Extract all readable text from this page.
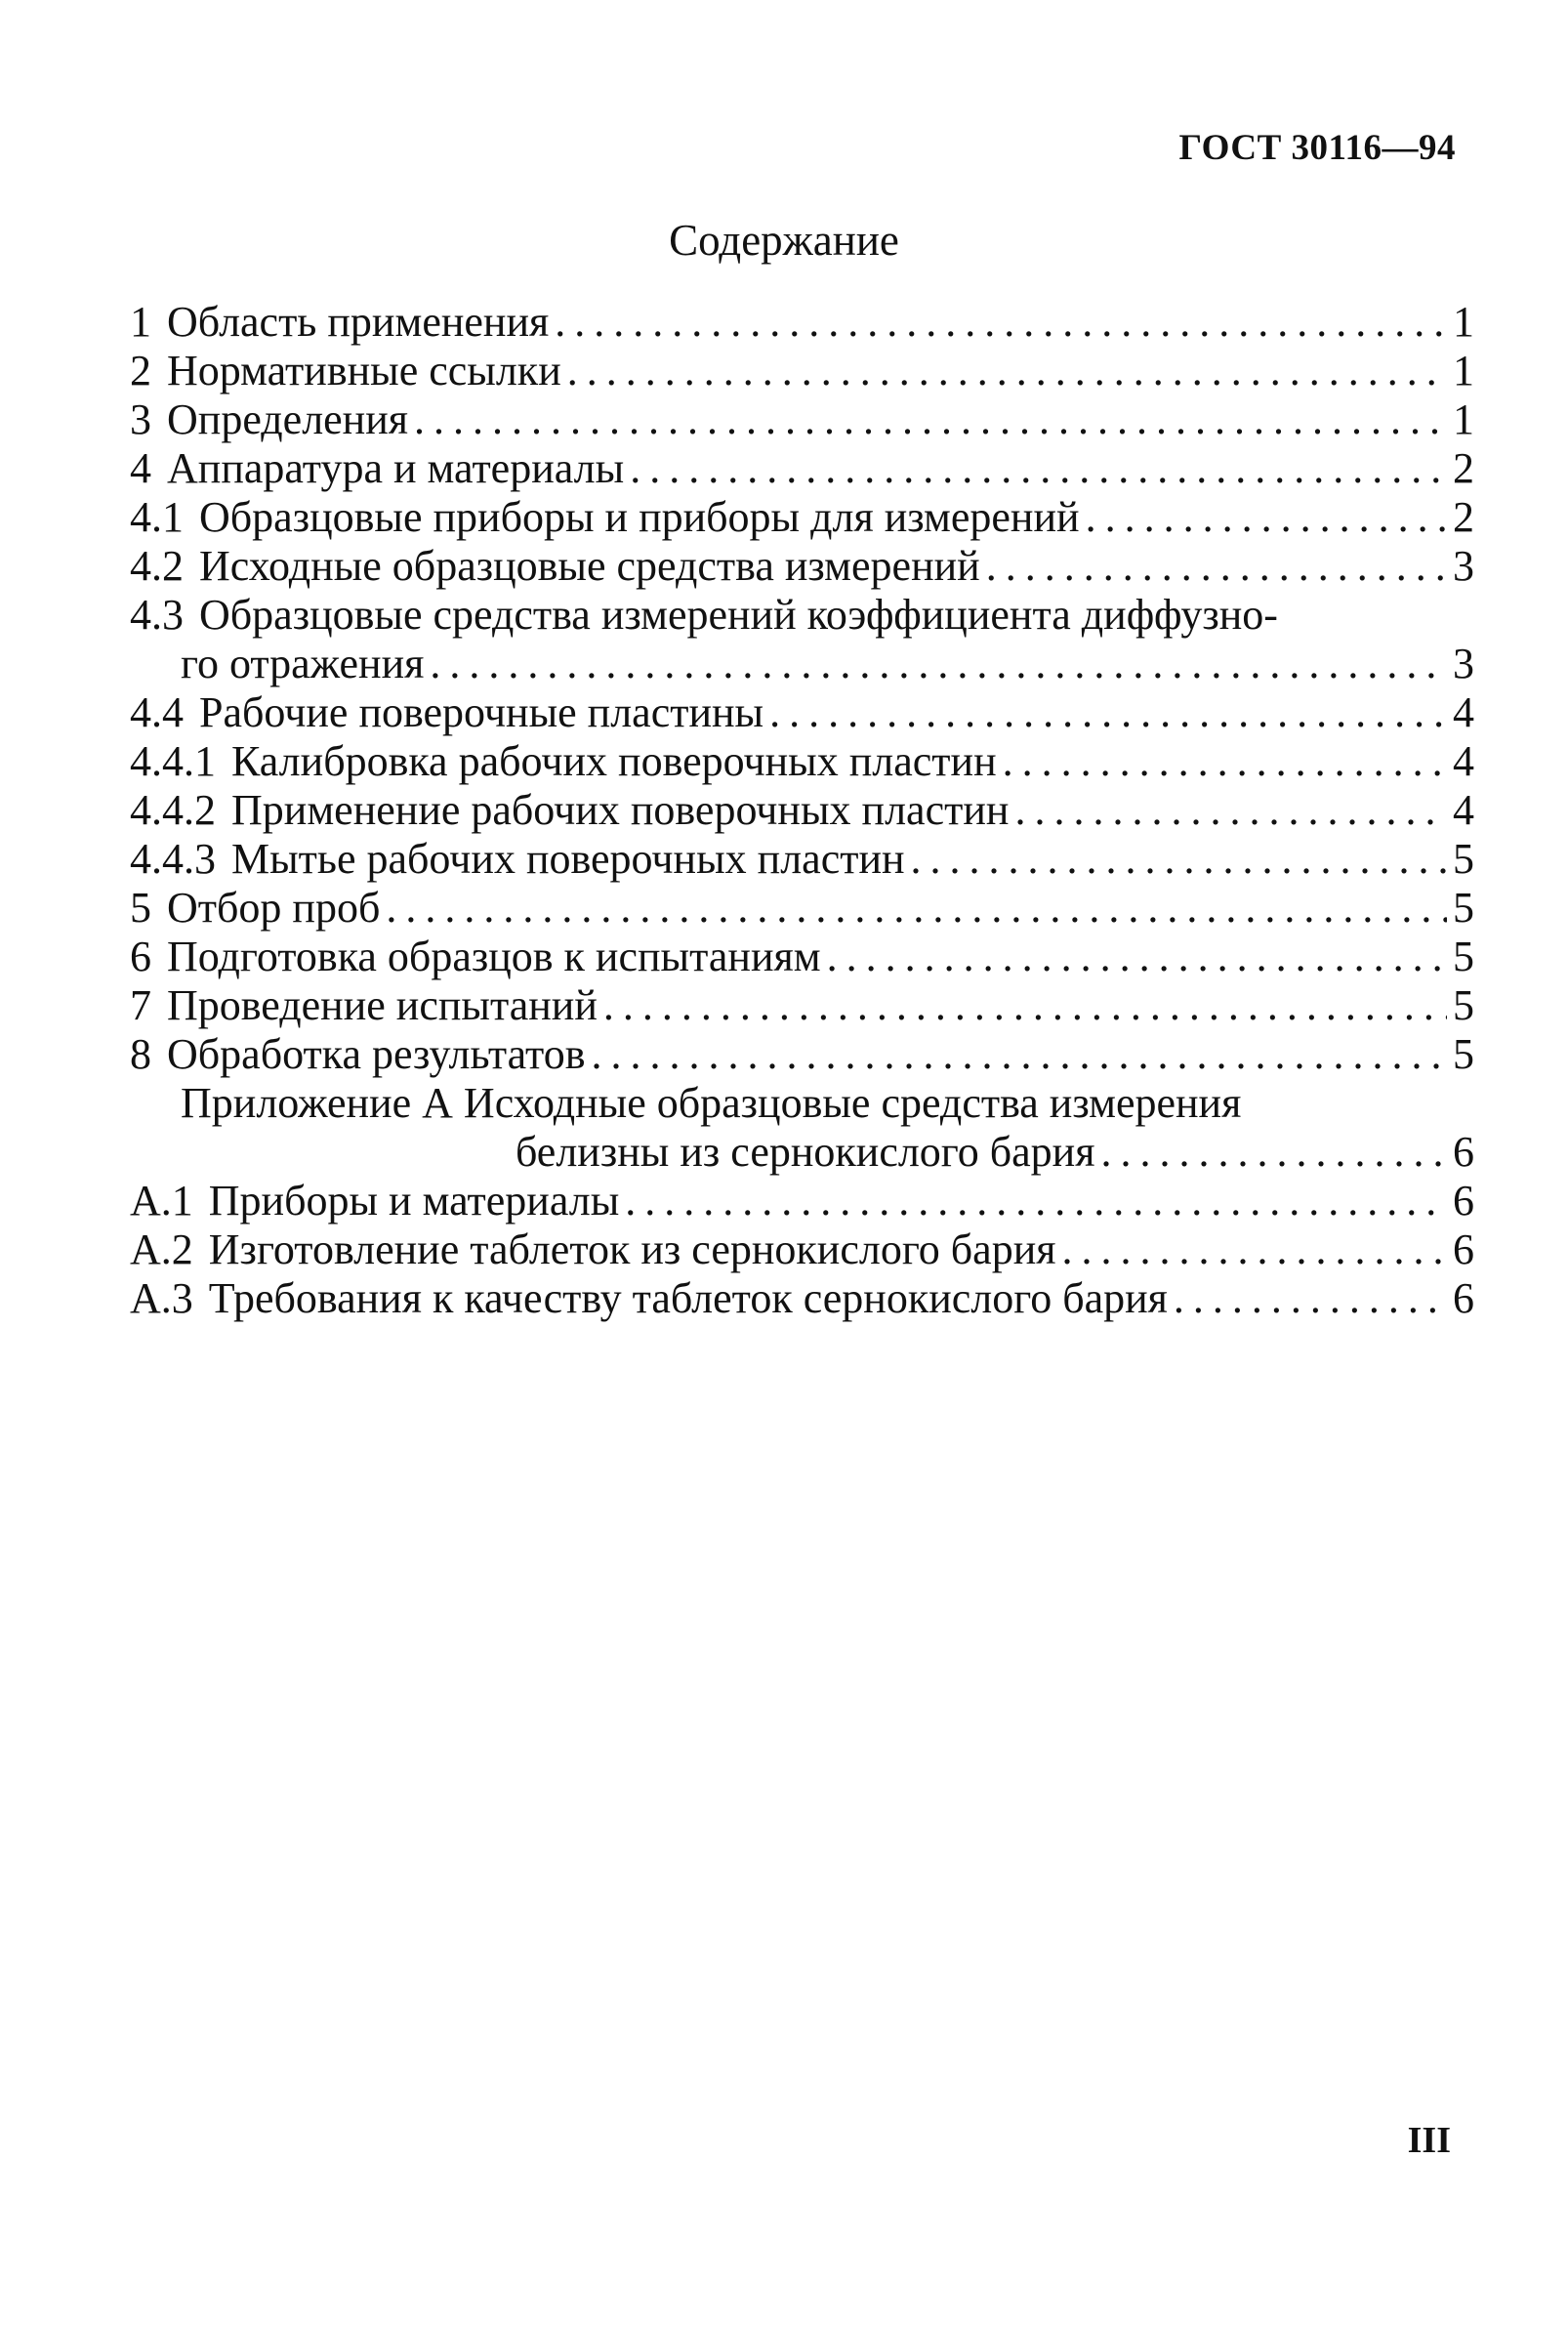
ГОСТ 30116—94
Содержание
1 Область применения .....	1
2 Нормативные ссылки .....	1
3 Определения .....	1
4 Аппаратура и материалы .....	2
4.1 Образцовые приборы и приборы для измерений .....	2
4.2 Исходные образцовые средства измерений .....	3
4.3 Образцовые средства измерений коэффициента диффузно-
го отражения .....	3
4.4 Рабочие поверочные пластины .....	4
4.4.1 Калибровка рабочих поверочных пластин .....	4
4.4.2 Применение рабочих поверочных пластин .....	4
4.4.3 Мытье рабочих поверочных пластин .....	5
5 Отбор проб .....	5
6 Подготовка образцов к испытаниям .....	5
7 Проведение испытаний .....	5
8 Обработка результатов .....	5
Приложение А Исходные образцовые средства измерения
белизны из сернокислого бария .....	6
А.1 Приборы и материалы .....	6
А.2 Изготовление таблеток из сернокислого бария .....	6
А.3 Требования к качеству таблеток сернокислого бария .....	6
III
